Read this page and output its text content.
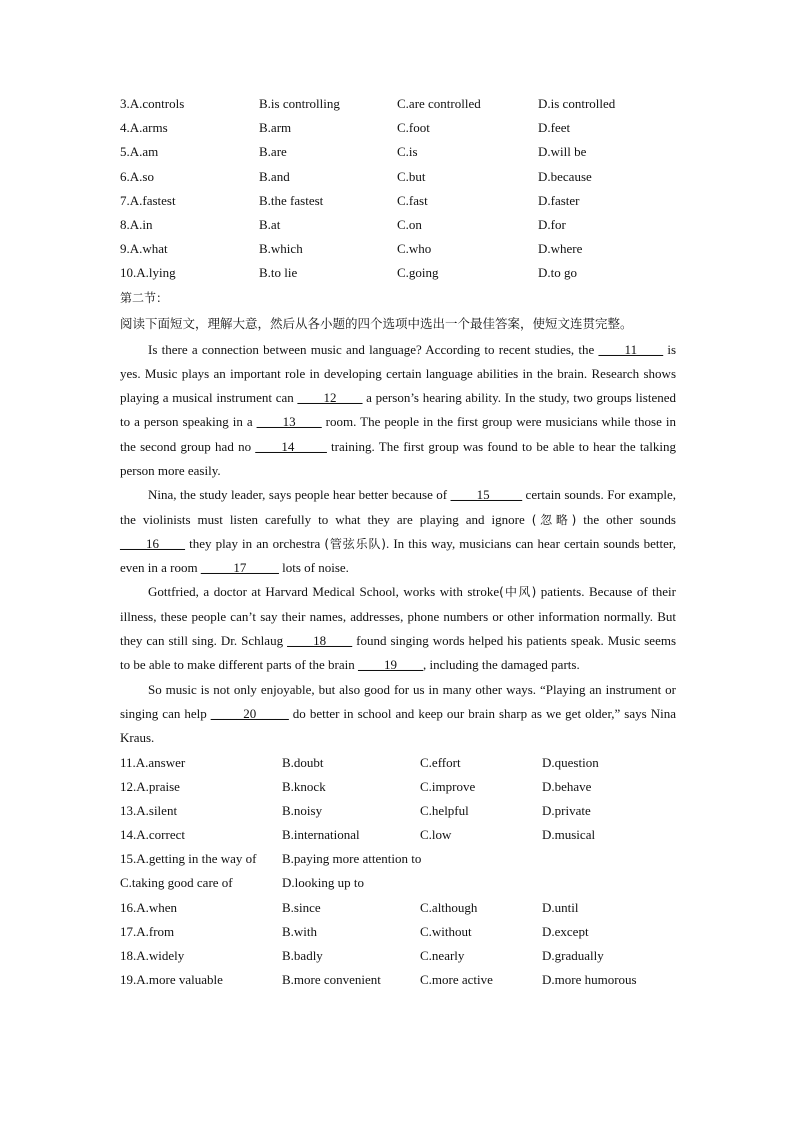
3.A.controls	B.is controlling	C.are controlled	D.is controlled
4.A.arms	B.arm	C.foot	D.feet
5.A.am	B.are	C.is	D.will be
6.A.so	B.and	C.but	D.because
7.A.fastest	B.the fastest	C.fast	D.faster
8.A.in	B.at	C.on	D.for
9.A.what	B.which	C.who	D.where
10.A.lying	B.to lie	C.going	D.to go
第二节：
阅读下面短文，理解大意，然后从各小题的四个选项中选出一个最佳答案，使短文连贯完整。

Is there a connection between music and language? According to recent studies, the ____11____ is yes. Music plays an important role in developing certain language abilities in the brain. Research shows playing a musical instrument can ____12____ a person’s hearing ability. In the study, two groups listened to a person speaking in a ____13____ room. The people in the first group were musicians while those in the second group had no ____14_____ training. The first group was found to be able to hear the talking person more easily.

Nina, the study leader, says people hear better because of ____15_____ certain sounds. For example, the violinists must listen carefully to what they are playing and ignore (忽略) the other sounds ____16____ they play in an orchestra (管弦乐队). In this way, musicians can hear certain sounds better, even in a room _____17_____ lots of noise.

Gottfried, a doctor at Harvard Medical School, works with stroke(中风) patients. Because of their illness, these people can’t say their names, addresses, phone numbers or other information normally. But they can still sing. Dr. Schlaug ____18____ found singing words helped his patients speak. Music seems to be able to make different parts of the brain ____19____, including the damaged parts.

So music is not only enjoyable, but also good for us in many other ways. “Playing an instrument or singing can help _____20_____ do better in school and keep our brain sharp as we get older,” says Nina Kraus.

11.A.answer	B.doubt	C.effort	D.question
12.A.praise	B.knock	C.improve	D.behave
13.A.silent	B.noisy	C.helpful	D.private
14.A.correct	B.international	C.low	D.musical
15.A.getting in the way of B.paying more attention to
C.taking good care of	D.looking up to
16.A.when	B.since	C.although	D.until
17.A.from	B.with	C.without	D.except
18.A.widely	B.badly	C.nearly	D.gradually
19.A.more valuable	B.more convenient	C.more active	D.more humorous
